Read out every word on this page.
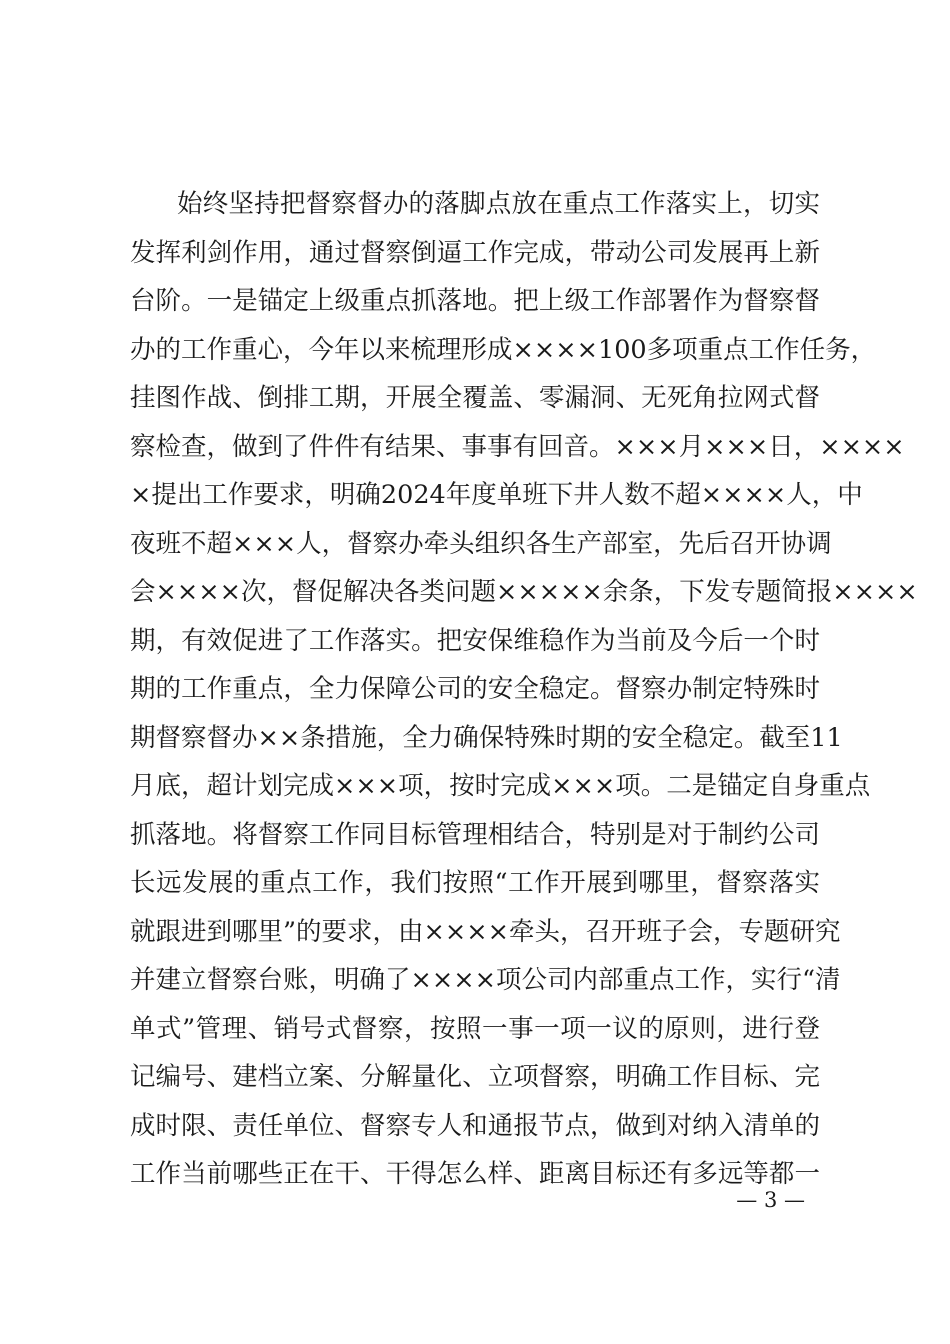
始终坚持把督察督办的落脚点放在重点工作落实上，切实
发挥利剑作用，通过督察倒逼工作完成，带动公司发展再上新
台阶。一是锚定上级重点抓落地。把上级工作部署作为督察督
办的工作重心，今年以来梳理形成××××100多项重点工作任务，
挂图作战、倒排工期，开展全覆盖、零漏洞、无死角拉网式督
察检查，做到了件件有结果、事事有回音。×××月×××日，××××
×提出工作要求，明确2024年度单班下井人数不超××××人，中
夜班不超×××人，督察办牵头组织各生产部室，先后召开协调
会××××次，督促解决各类问题×××××余条，下发专题简报××××
期，有效促进了工作落实。把安保维稳作为当前及今后一个时
期的工作重点，全力保障公司的安全稳定。督察办制定特殊时
期督察督办××条措施，全力确保特殊时期的安全稳定。截至11
月底，超计划完成×××项，按时完成×××项。二是锚定自身重点
抓落地。将督察工作同目标管理相结合，特别是对于制约公司
长远发展的重点工作，我们按照“工作开展到哪里，督察落实
就跟进到哪里”的要求，由××××牵头，召开班子会，专题研究
并建立督察台账，明确了××××项公司内部重点工作，实行“清
单式”管理、销号式督察，按照一事一项一议的原则，进行登
记编号、建档立案、分解量化、立项督察，明确工作目标、完
成时限、责任单位、督察专人和通报节点，做到对纳入清单的
工作当前哪些正在干、干得怎么样、距离目标还有多远等都一
— 3 —
